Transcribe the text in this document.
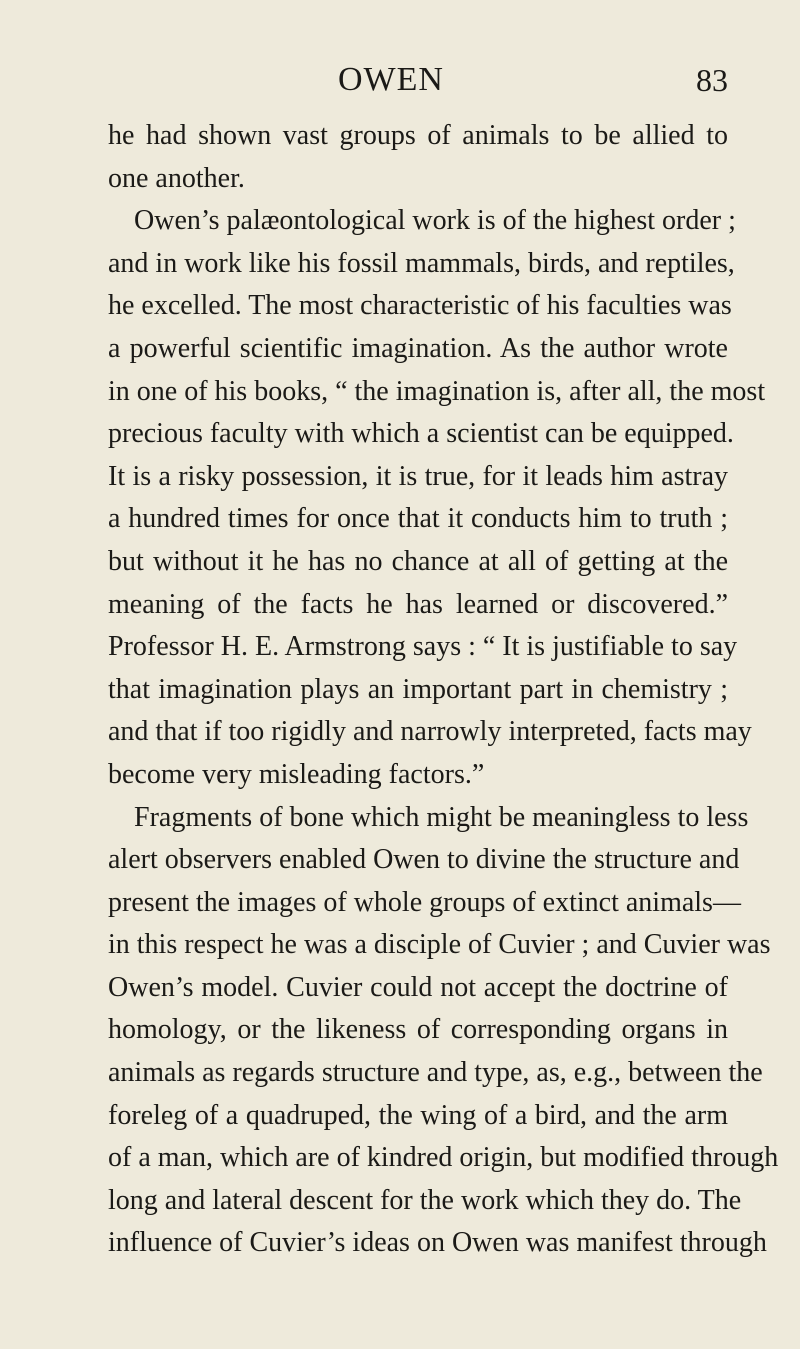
OWEN	83
he had shown vast groups of animals to be allied to
one another.
Owen’s palæontological work is of the highest order ;
and in work like his fossil mammals, birds, and reptiles,
he excelled. The most characteristic of his faculties was
a powerful scientific imagination. As the author wrote
in one of his books, “ the imagination is, after all, the most
precious faculty with which a scientist can be equipped.
It is a risky possession, it is true, for it leads him astray
a hundred times for once that it conducts him to truth ;
but without it he has no chance at all of getting at the
meaning of the facts he has learned or discovered.”
Professor H. E. Armstrong says : “ It is justifiable to say
that imagination plays an important part in chemistry ;
and that if too rigidly and narrowly interpreted, facts may
become very misleading factors.”
Fragments of bone which might be meaningless to less
alert observers enabled Owen to divine the structure and
present the images of whole groups of extinct animals—
in this respect he was a disciple of Cuvier ; and Cuvier was
Owen’s model. Cuvier could not accept the doctrine of
homology, or the likeness of corresponding organs in
animals as regards structure and type, as, e.g., between the
foreleg of a quadruped, the wing of a bird, and the arm
of a man, which are of kindred origin, but modified through
long and lateral descent for the work which they do. The
influence of Cuvier’s ideas on Owen was manifest through
